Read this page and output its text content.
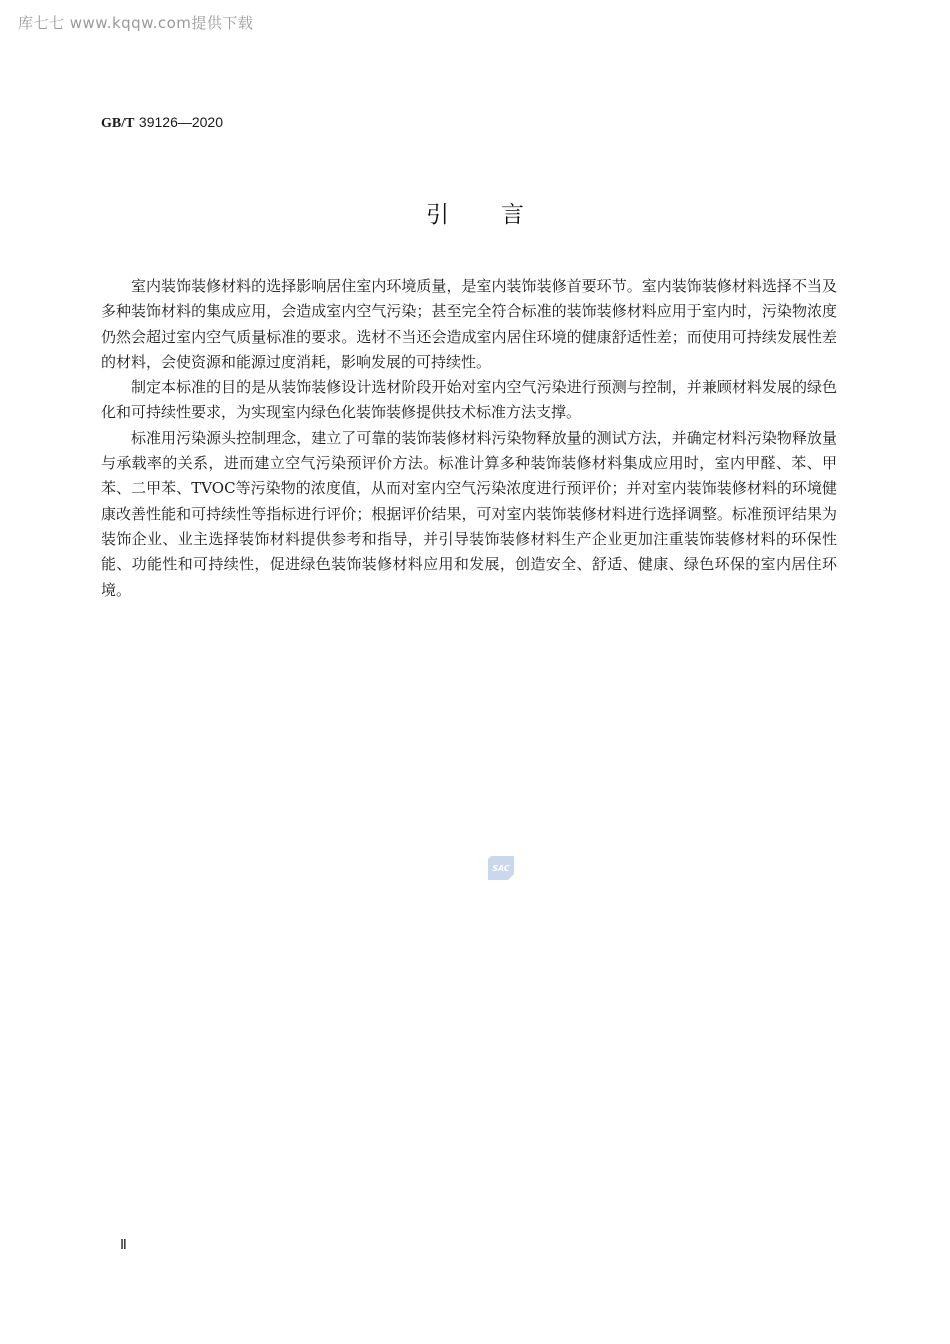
库七七 www.kqqw.com提供下载
GB/T 39126—2020
引言

室内装饰装修材料的选择影响居住室内环境质量，是室内装饰装修首要环节。室内装饰装修材料选择不当及多种装饰材料的集成应用，会造成室内空气污染；甚至完全符合标准的装饰装修材料应用于室内时，污染物浓度仍然会超过室内空气质量标准的要求。选材不当还会造成室内居住环境的健康舒适性差；而使用可持续发展性差的材料，会使资源和能源过度消耗，影响发展的可持续性。

制定本标准的目的是从装饰装修设计选材阶段开始对室内空气污染进行预测与控制，并兼顾材料发展的绿色化和可持续性要求，为实现室内绿色化装饰装修提供技术标准方法支撑。

标准用污染源头控制理念，建立了可靠的装饰装修材料污染物释放量的测试方法，并确定材料污染物释放量与承载率的关系，进而建立空气污染预评价方法。标准计算多种装饰装修材料集成应用时，室内甲醛、苯、甲苯、二甲苯、TVOC等污染物的浓度值，从而对室内空气污染浓度进行预评价；并对室内装饰装修材料的环境健康改善性能和可持续性等指标进行评价；根据评价结果，可对室内装饰装修材料进行选择调整。标准预评结果为装饰企业、业主选择装饰材料提供参考和指导，并引导装饰装修材料生产企业更加注重装饰装修材料的环保性能、功能性和可持续性，促进绿色装饰装修材料应用和发展，创造安全、舒适、健康、绿色环保的室内居住环境。

SAC
Ⅱ
